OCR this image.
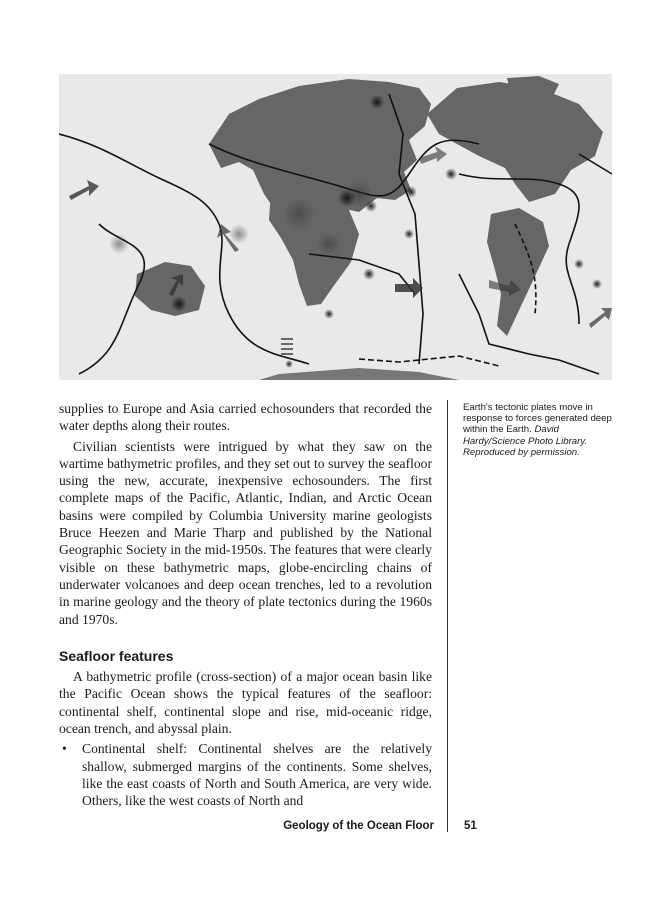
supplies to Europe and Asia carried echosounders that recorded the water depths along their routes.

Civilian scientists were intrigued by what they saw on the wartime bathymetric profiles, and they set out to survey the seafloor using the new, accurate, inexpensive echosounders. The first complete maps of the Pacific, Atlantic, Indian, and Arctic Ocean basins were compiled by Columbia University marine geologists Bruce Heezen and Marie Tharp and published by the National Geographic Society in the mid-1950s. The features that were clearly visible on these bathymetric maps, globe-encircling chains of underwater volcanoes and deep ocean trenches, led to a revolution in marine geology and the theory of plate tectonics during the 1960s and 1970s.

Seafloor features

A bathymetric profile (cross-section) of a major ocean basin like the Pacific Ocean shows the typical features of the seafloor: continental shelf, continental slope and rise, mid-oceanic ridge, ocean trench, and abyssal plain.

• Continental shelf: Continental shelves are the relatively shallow, submerged margins of the continents. Some shelves, like the east coasts of North and South America, are very wide. Others, like the west coasts of North and
Earth's tectonic plates move in response to forces generated deep within the Earth. David Hardy/Science Photo Library. Reproduced by permission.
Geology of the Ocean Floor	51
